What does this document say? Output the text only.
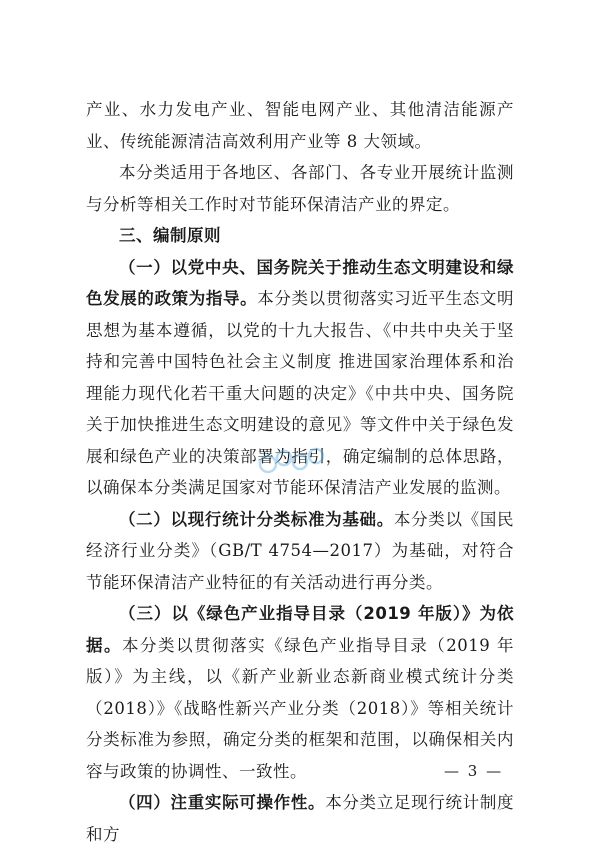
产业、水力发电产业、智能电网产业、其他清洁能源产业、传统能源清洁高效利用产业等 8 大领域。

本分类适用于各地区、各部门、各专业开展统计监测与分析等相关工作时对节能环保清洁产业的界定。

三、编制原则

（一）以党中央、国务院关于推动生态文明建设和绿色发展的政策为指导。本分类以贯彻落实习近平生态文明思想为基本遵循，以党的十九大报告、《中共中央关于坚持和完善中国特色社会主义制度 推进国家治理体系和治理能力现代化若干重大问题的决定》《中共中央、国务院关于加快推进生态文明建设的意见》等文件中关于绿色发展和绿色产业的决策部署为指引，确定编制的总体思路，以确保本分类满足国家对节能环保清洁产业发展的监测。

（二）以现行统计分类标准为基础。本分类以《国民经济行业分类》（GB/T 4754—2017）为基础，对符合节能环保清洁产业特征的有关活动进行再分类。

（三）以《绿色产业指导目录（2019 年版）》为依据。本分类以贯彻落实《绿色产业指导目录（2019 年版）》为主线，以《新产业新业态新商业模式统计分类（2018）》《战略性新兴产业分类（2018）》等相关统计分类标准为参照，确定分类的框架和范围，以确保相关内容与政策的协调性、一致性。

（四）注重实际可操作性。本分类立足现行统计制度和方

— 3 —
